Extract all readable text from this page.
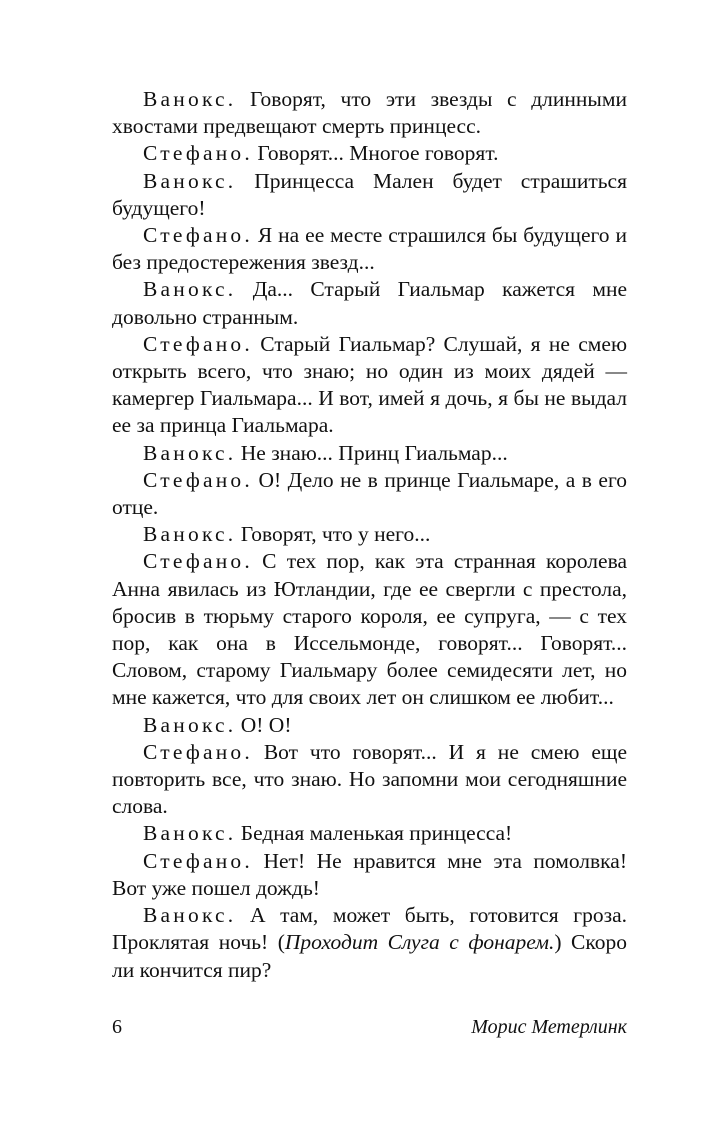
Ванокс. Говорят, что эти звезды с длинными хвостами предвещают смерть принцесс.

Стефано. Говорят... Многое говорят.

Ванокс. Принцесса Мален будет страшиться будущего!

Стефано. Я на ее месте страшился бы будущего и без предостережения звезд...

Ванокс. Да... Старый Гиальмар кажется мне довольно странным.

Стефано. Старый Гиальмар? Слушай, я не смею открыть всего, что знаю; но один из моих дядей — камергер Гиальмара... И вот, имей я дочь, я бы не выдал ее за принца Гиальмара.

Ванокс. Не знаю... Принц Гиальмар...

Стефано. О! Дело не в принце Гиальмаре, а в его отце.

Ванокс. Говорят, что у него...

Стефано. С тех пор, как эта странная королева Анна явилась из Ютландии, где ее свергли с престола, бросив в тюрьму старого короля, ее супруга, — с тех пор, как она в Иссельмонде, говорят... Говорят... Словом, старому Гиальмару более семидесяти лет, но мне кажется, что для своих лет он слишком ее любит...

Ванокс. О! О!

Стефано. Вот что говорят... И я не смею еще повторить все, что знаю. Но запомни мои сегодняшние слова.

Ванокс. Бедная маленькая принцесса!

Стефано. Нет! Не нравится мне эта помолвка! Вот уже пошел дождь!

Ванокс. А там, может быть, готовится гроза. Проклятая ночь! (Проходит Слуга с фонарем.) Скоро ли кончится пир?

6	Морис Метерлинк
